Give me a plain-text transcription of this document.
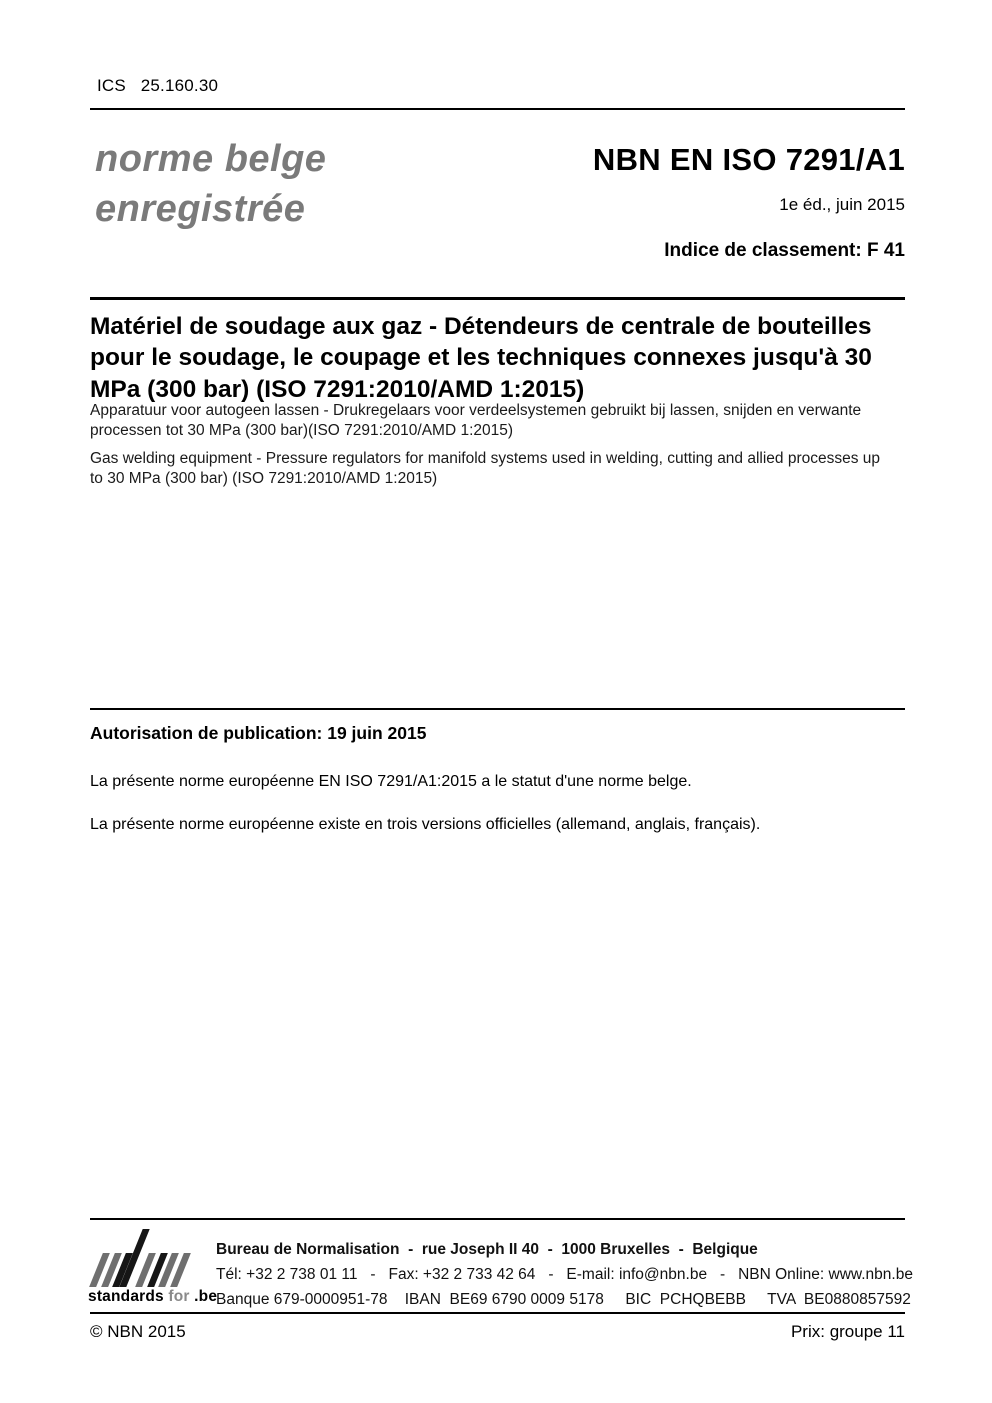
ICS   25.160.30
norme belge
enregistrée
NBN EN ISO 7291/A1
1e éd., juin 2015
Indice de classement: F 41
Matériel de soudage aux gaz - Détendeurs de centrale de bouteilles pour le soudage, le coupage et les techniques connexes jusqu'à 30 MPa (300 bar) (ISO 7291:2010/AMD 1:2015)
Apparatuur voor autogeen lassen - Drukregelaars voor verdeelsystemen gebruikt bij lassen, snijden en verwante processen tot 30 MPa (300 bar)(ISO 7291:2010/AMD 1:2015)
Gas welding equipment - Pressure regulators for manifold systems used in welding, cutting and allied processes up to 30 MPa (300 bar) (ISO 7291:2010/AMD 1:2015)
Autorisation de publication: 19 juin 2015
La présente norme européenne EN ISO 7291/A1:2015 a le statut d'une norme belge.
La présente norme européenne existe en trois versions officielles (allemand, anglais, français).
standards for .be
Bureau de Normalisation  -  rue Joseph II 40  -  1000 Bruxelles  -  Belgique
Tél: +32 2 738 01 11   -   Fax: +32 2 733 42 64   -   E-mail: info@nbn.be   -   NBN Online: www.nbn.be
Banque 679-0000951-78    IBAN  BE69 6790 0009 5178     BIC  PCHQBEBB     TVA  BE0880857592
© NBN 2015	Prix: groupe 11
